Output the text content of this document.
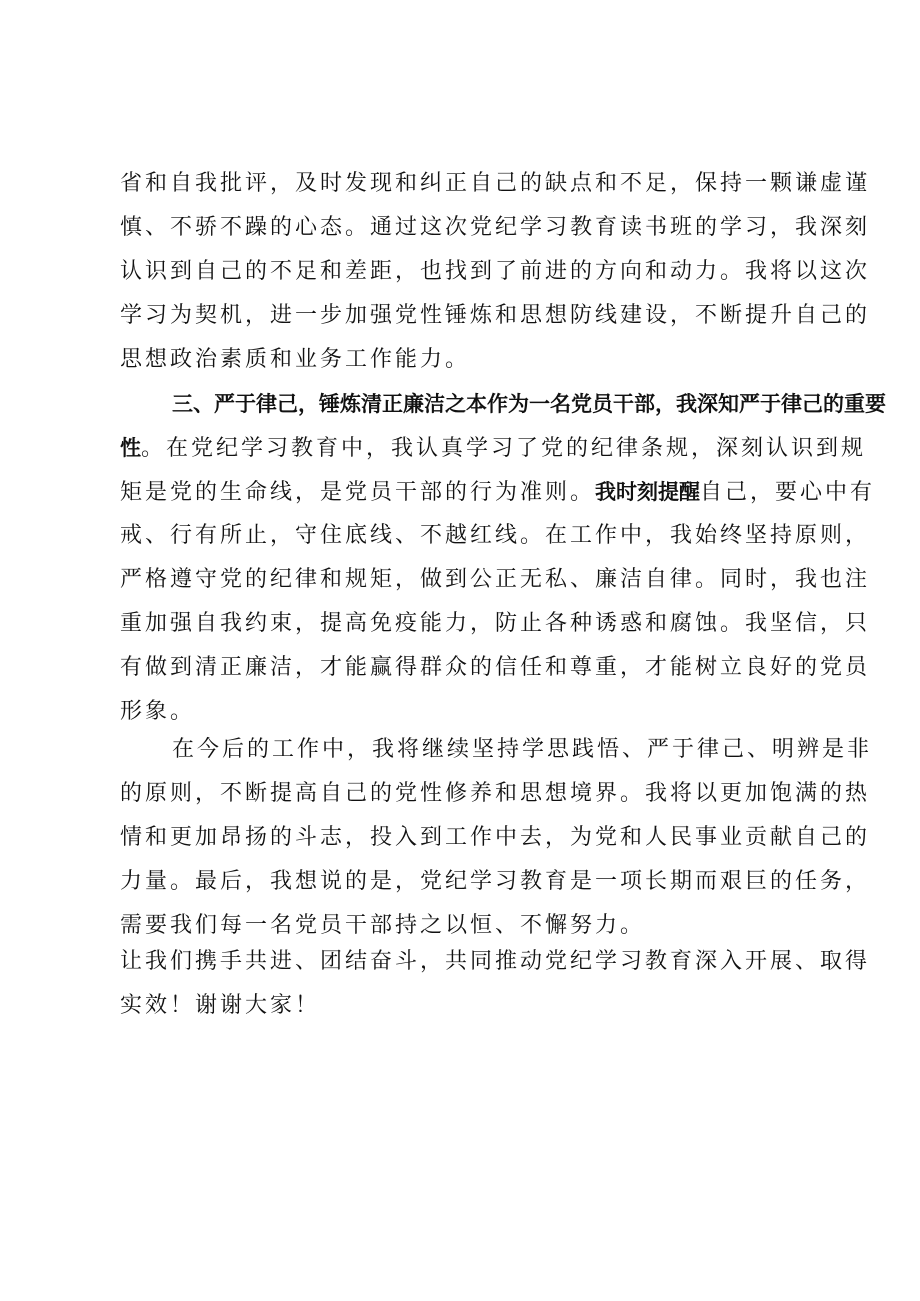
省和自我批评，及时发现和纠正自己的缺点和不足，保持一颗谦虚谨
慎、不骄不躁的心态。通过这次党纪学习教育读书班的学习，我深刻
认识到自己的不足和差距，也找到了前进的方向和动力。我将以这次
学习为契机，进一步加强党性锤炼和思想防线建设，不断提升自己的
思想政治素质和业务工作能力。
三、严于律己，锤炼清正廉洁之本作为一名党员干部，我深知严于律己的重要
性。在党纪学习教育中，我认真学习了党的纪律条规，深刻认识到规
矩是党的生命线，是党员干部的行为准则。我时刻提醒自己，要心中有
戒、行有所止，守住底线、不越红线。在工作中，我始终坚持原则，
严格遵守党的纪律和规矩，做到公正无私、廉洁自律。同时，我也注
重加强自我约束，提高免疫能力，防止各种诱惑和腐蚀。我坚信，只
有做到清正廉洁，才能赢得群众的信任和尊重，才能树立良好的党员
形象。
在今后的工作中，我将继续坚持学思践悟、严于律己、明辨是非
的原则，不断提高自己的党性修养和思想境界。我将以更加饱满的热
情和更加昂扬的斗志，投入到工作中去，为党和人民事业贡献自己的
力量。最后，我想说的是，党纪学习教育是一项长期而艰巨的任务，
需要我们每一名党员干部持之以恒、不懈努力。
让我们携手共进、团结奋斗，共同推动党纪学习教育深入开展、取得
实效！谢谢大家！
